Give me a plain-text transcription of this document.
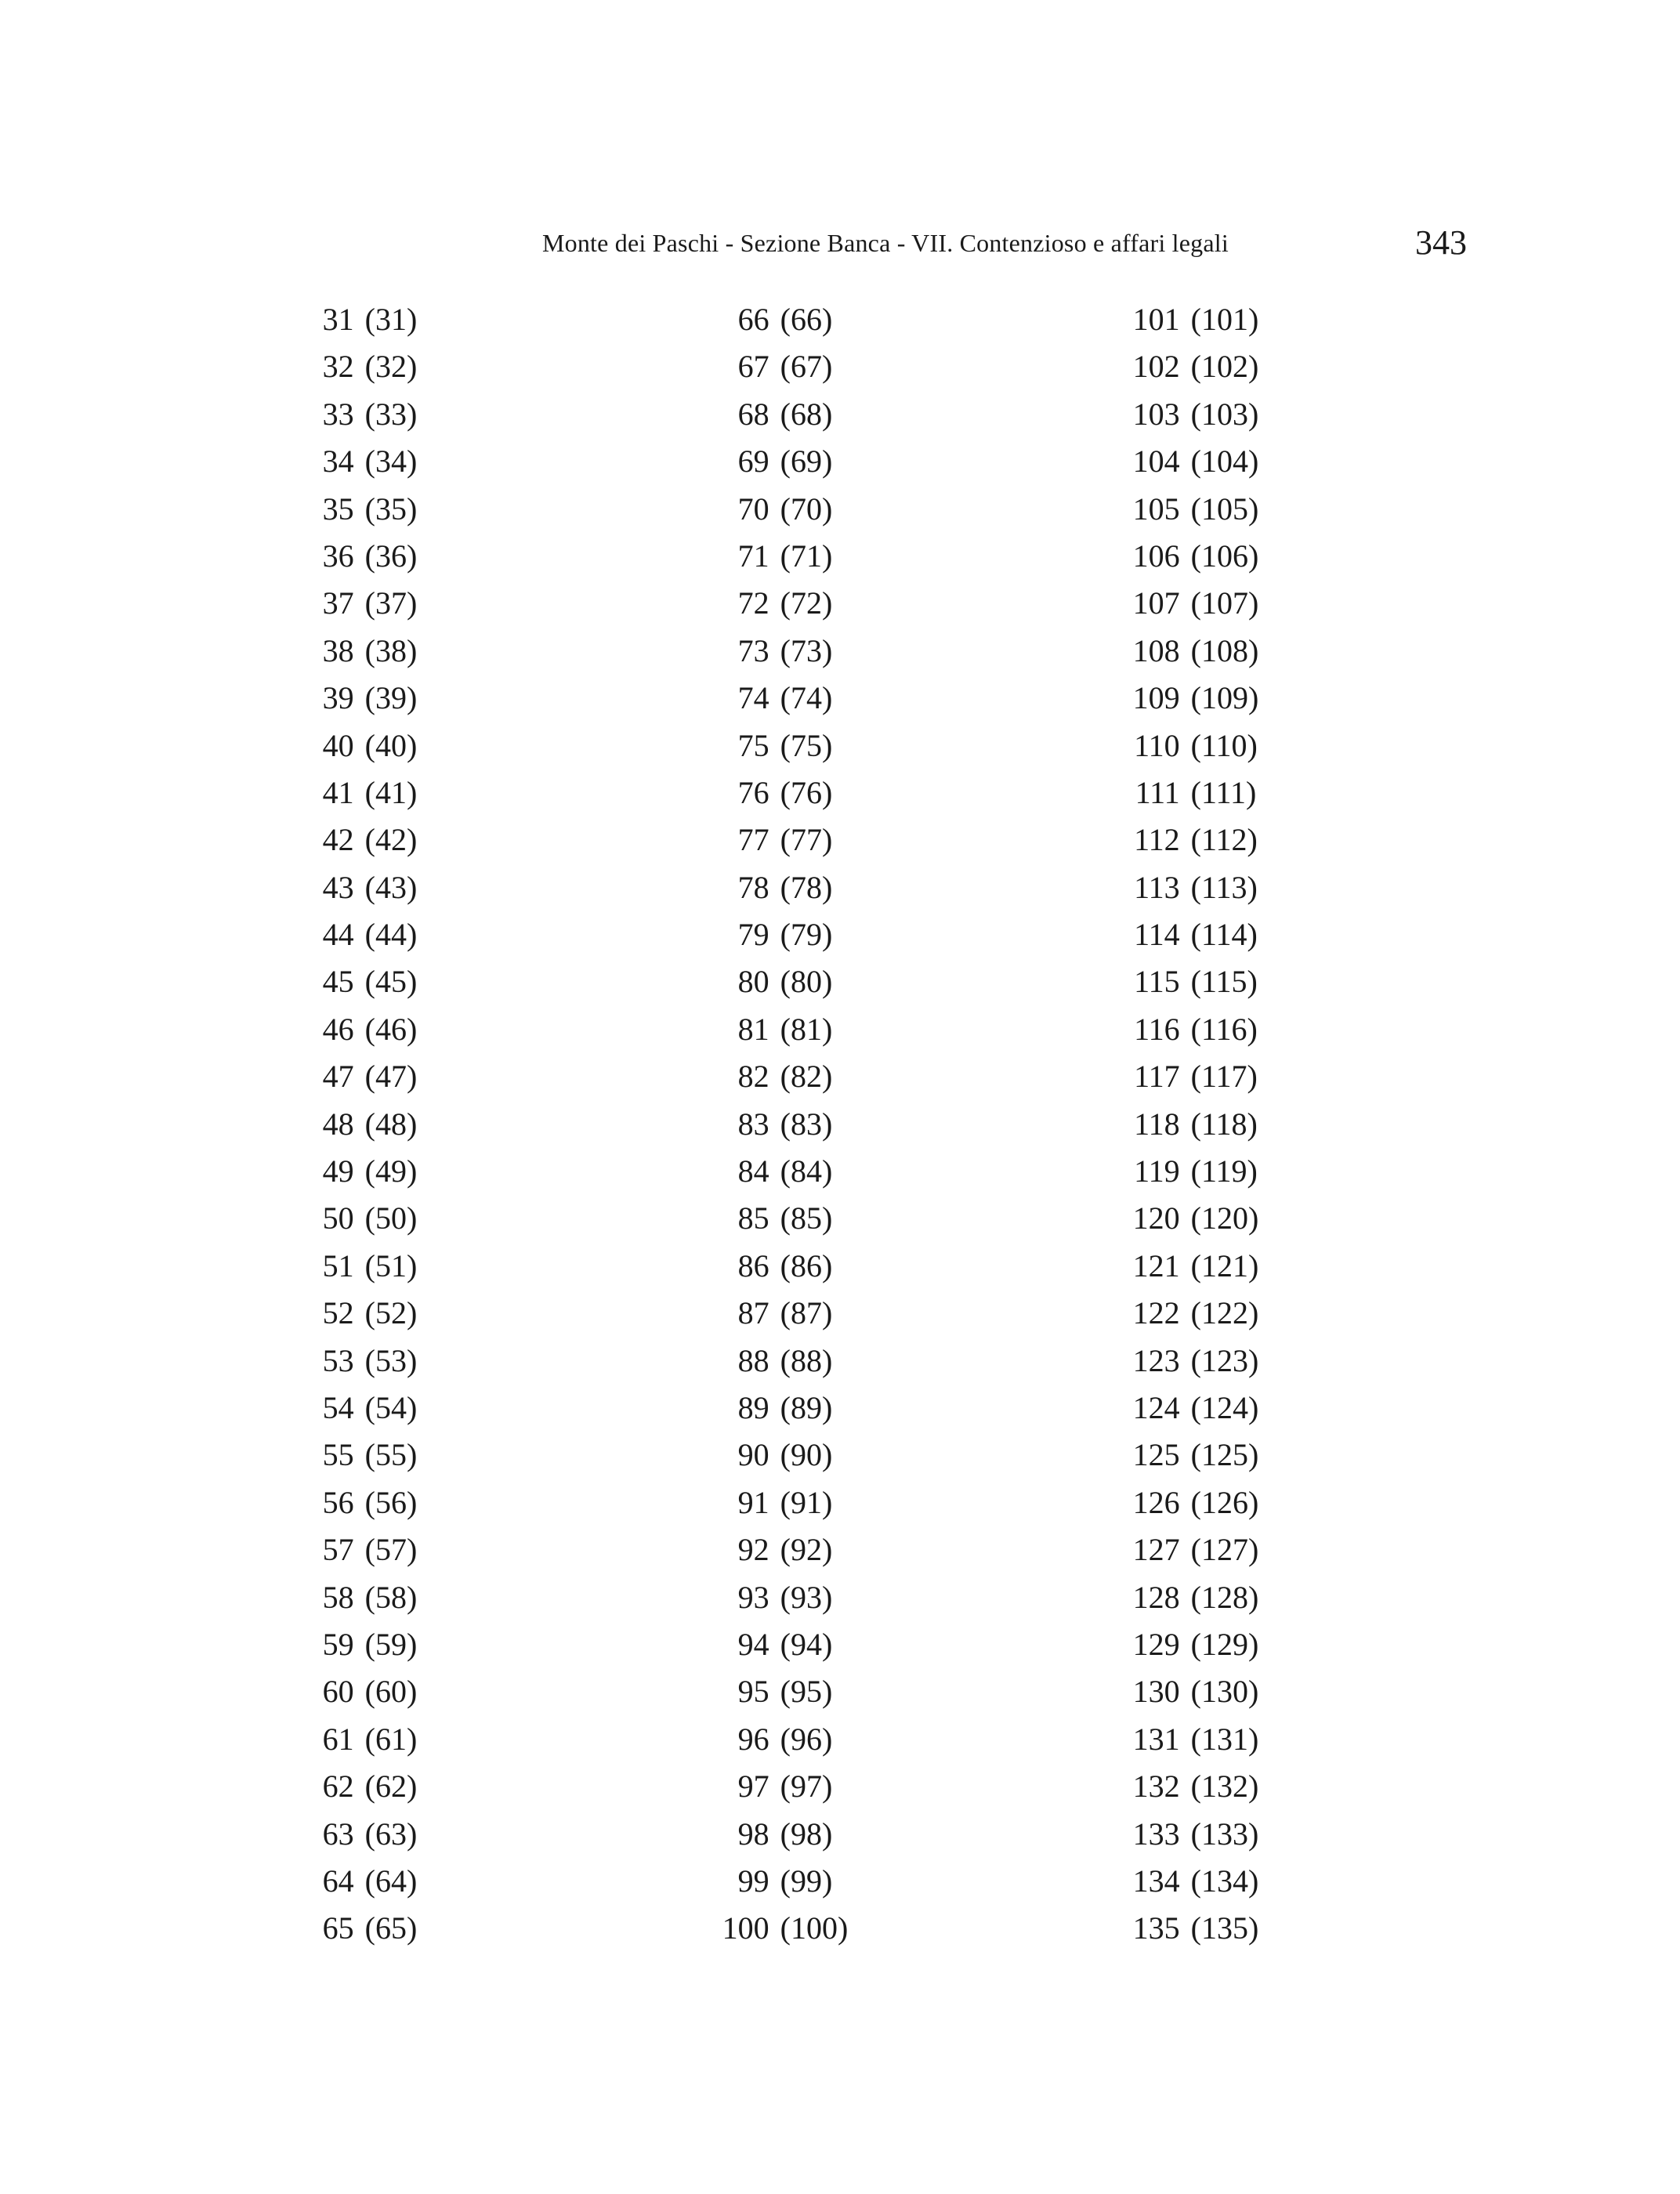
Monte dei Paschi - Sezione Banca - VII. Contenzioso e affari legali	343
31 (31)
32 (32)
33 (33)
34 (34)
35 (35)
36 (36)
37 (37)
38 (38)
39 (39)
40 (40)
41 (41)
42 (42)
43 (43)
44 (44)
45 (45)
46 (46)
47 (47)
48 (48)
49 (49)
50 (50)
51 (51)
52 (52)
53 (53)
54 (54)
55 (55)
56 (56)
57 (57)
58 (58)
59 (59)
60 (60)
61 (61)
62 (62)
63 (63)
64 (64)
65 (65)
66 (66)
67 (67)
68 (68)
69 (69)
70 (70)
71 (71)
72 (72)
73 (73)
74 (74)
75 (75)
76 (76)
77 (77)
78 (78)
79 (79)
80 (80)
81 (81)
82 (82)
83 (83)
84 (84)
85 (85)
86 (86)
87 (87)
88 (88)
89 (89)
90 (90)
91 (91)
92 (92)
93 (93)
94 (94)
95 (95)
96 (96)
97 (97)
98 (98)
99 (99)
100 (100)
101 (101)
102 (102)
103 (103)
104 (104)
105 (105)
106 (106)
107 (107)
108 (108)
109 (109)
110 (110)
111 (111)
112 (112)
113 (113)
114 (114)
115 (115)
116 (116)
117 (117)
118 (118)
119 (119)
120 (120)
121 (121)
122 (122)
123 (123)
124 (124)
125 (125)
126 (126)
127 (127)
128 (128)
129 (129)
130 (130)
131 (131)
132 (132)
133 (133)
134 (134)
135 (135)
